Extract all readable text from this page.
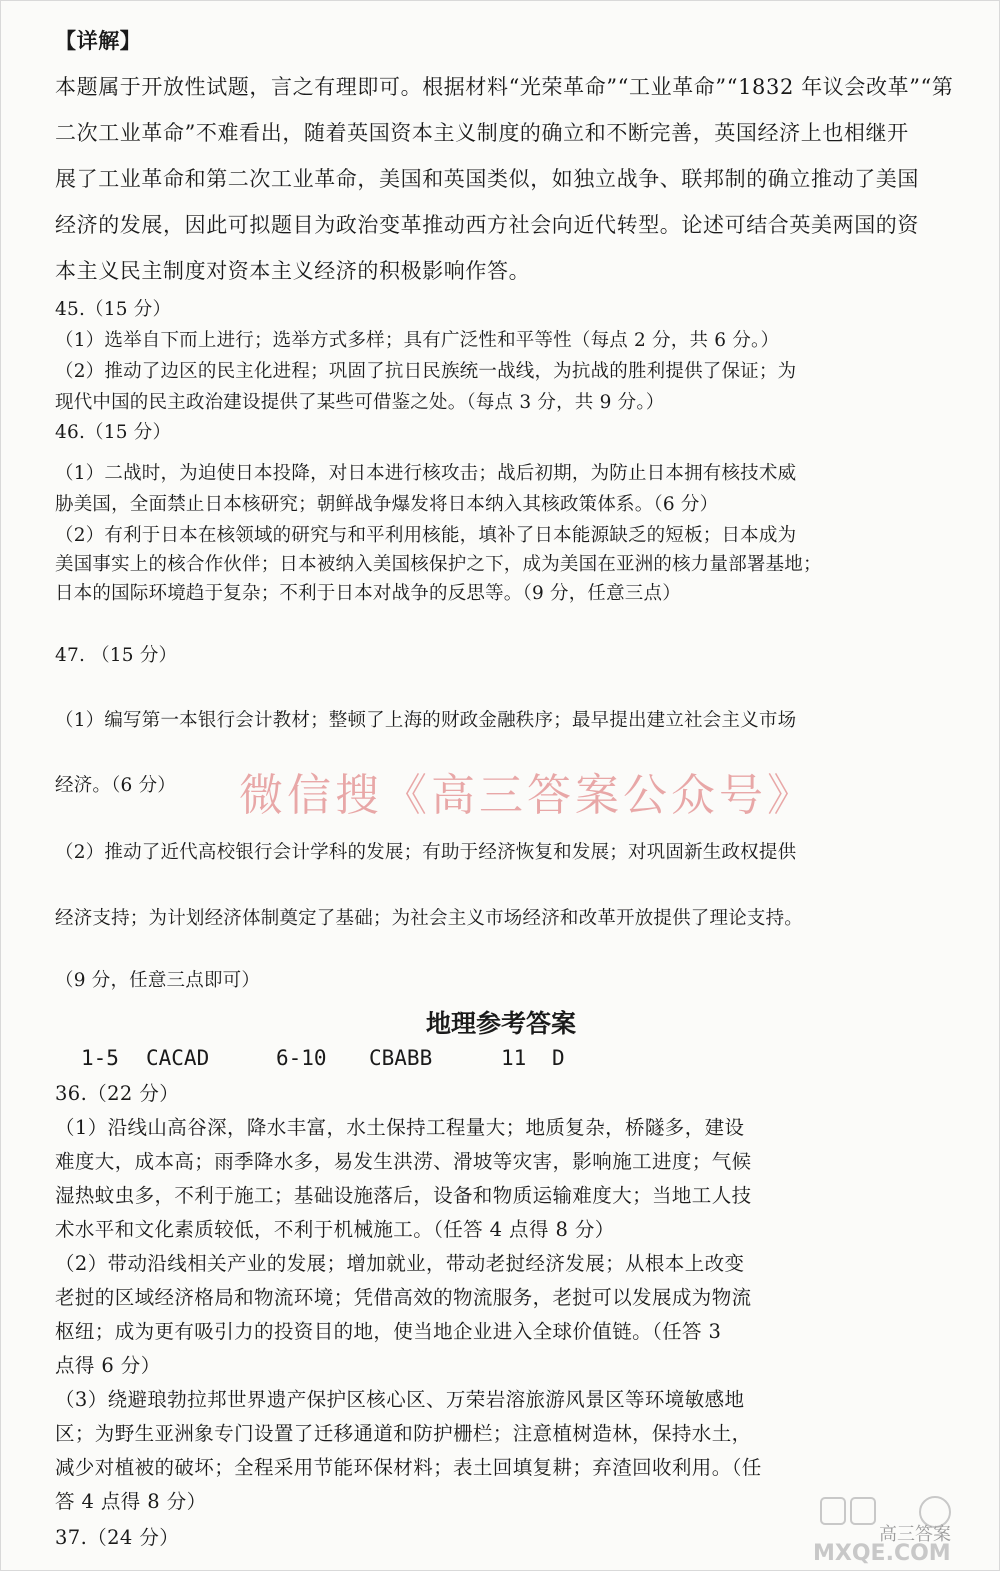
【详解】
本题属于开放性试题，言之有理即可。根据材料“光荣革命”“工业革命”“1832 年议会改革”“第
二次工业革命”不难看出，随着英国资本主义制度的确立和不断完善，英国经济上也相继开
展了工业革命和第二次工业革命，美国和英国类似，如独立战争、联邦制的确立推动了美国
经济的发展，因此可拟题目为政治变革推动西方社会向近代转型。论述可结合英美两国的资
本主义民主制度对资本主义经济的积极影响作答。
45.（15 分）
（1）选举自下而上进行；选举方式多样；具有广泛性和平等性（每点 2 分，共 6 分。）
（2）推动了边区的民主化进程；巩固了抗日民族统一战线，为抗战的胜利提供了保证；为
现代中国的民主政治建设提供了某些可借鉴之处。（每点 3 分，共 9 分。）
46.（15 分）
（1）二战时，为迫使日本投降，对日本进行核攻击；战后初期，为防止日本拥有核技术威
胁美国，全面禁止日本核研究；朝鲜战争爆发将日本纳入其核政策体系。（6 分）
（2）有利于日本在核领域的研究与和平利用核能，填补了日本能源缺乏的短板；日本成为
美国事实上的核合作伙伴；日本被纳入美国核保护之下，成为美国在亚洲的核力量部署基地；
日本的国际环境趋于复杂；不利于日本对战争的反思等。（9 分，任意三点）
47. （15 分）
（1）编写第一本银行会计教材；整顿了上海的财政金融秩序；最早提出建立社会主义市场
经济。（6 分）
（2）推动了近代高校银行会计学科的发展；有助于经济恢复和发展；对巩固新生政权提供
经济支持；为计划经济体制奠定了基础；为社会主义市场经济和改革开放提供了理论支持。
（9 分，任意三点即可）
微信搜《高三答案公众号》
地理参考答案
1-5 CACAD	6-10 CBABB	11 D
36.（22 分）
（1）沿线山高谷深，降水丰富，水土保持工程量大；地质复杂，桥隧多，建设
难度大，成本高；雨季降水多，易发生洪涝、滑坡等灾害，影响施工进度；气候
湿热蚊虫多，不利于施工；基础设施落后，设备和物质运输难度大；当地工人技
术水平和文化素质较低，不利于机械施工。（任答 4 点得 8 分）
（2）带动沿线相关产业的发展；增加就业，带动老挝经济发展；从根本上改变
老挝的区域经济格局和物流环境；凭借高效的物流服务，老挝可以发展成为物流
枢纽；成为更有吸引力的投资目的地，使当地企业进入全球价值链。（任答 3
点得 6 分）
（3）绕避琅勃拉邦世界遗产保护区核心区、万荣岩溶旅游风景区等环境敏感地
区；为野生亚洲象专门设置了迁移通道和防护栅栏；注意植树造林，保持水土，
减少对植被的破坏；全程采用节能环保材料；表土回填复耕；弃渣回收利用。（任
答 4 点得 8 分）
37.（24 分）	高三答案
MXQE.COM
